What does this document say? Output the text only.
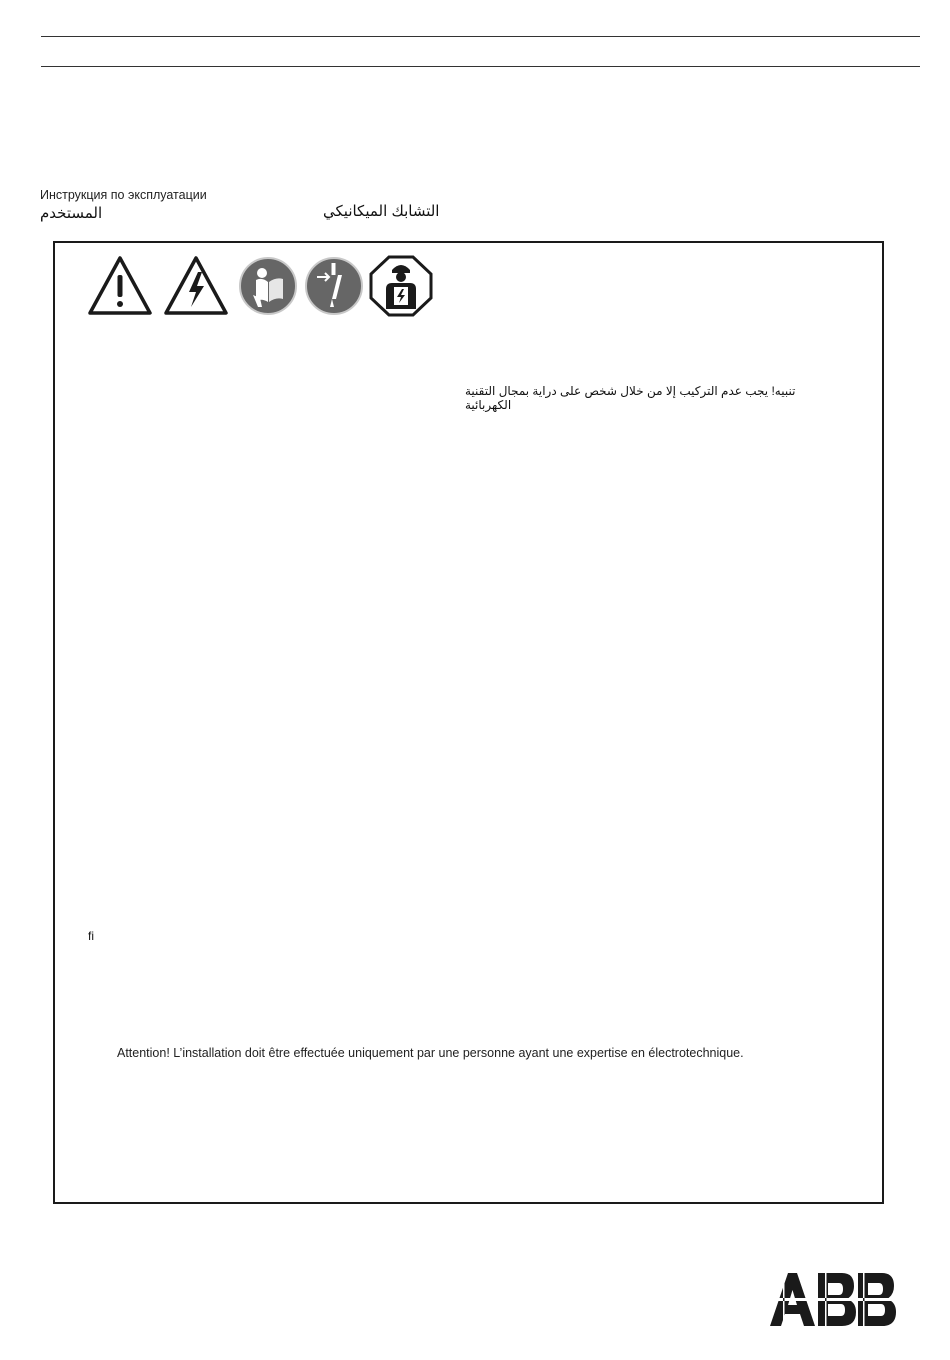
Инструкция по эксплуатации
المستخدم	التشابك الميكانيكي
تنبيه! يجب عدم التركيب إلا من خلال شخص على دراية بمجال التقنية الكهربائية
fi
Attention! L’installation doit être effectuée uniquement par une personne ayant une expertise en électrotechnique.
